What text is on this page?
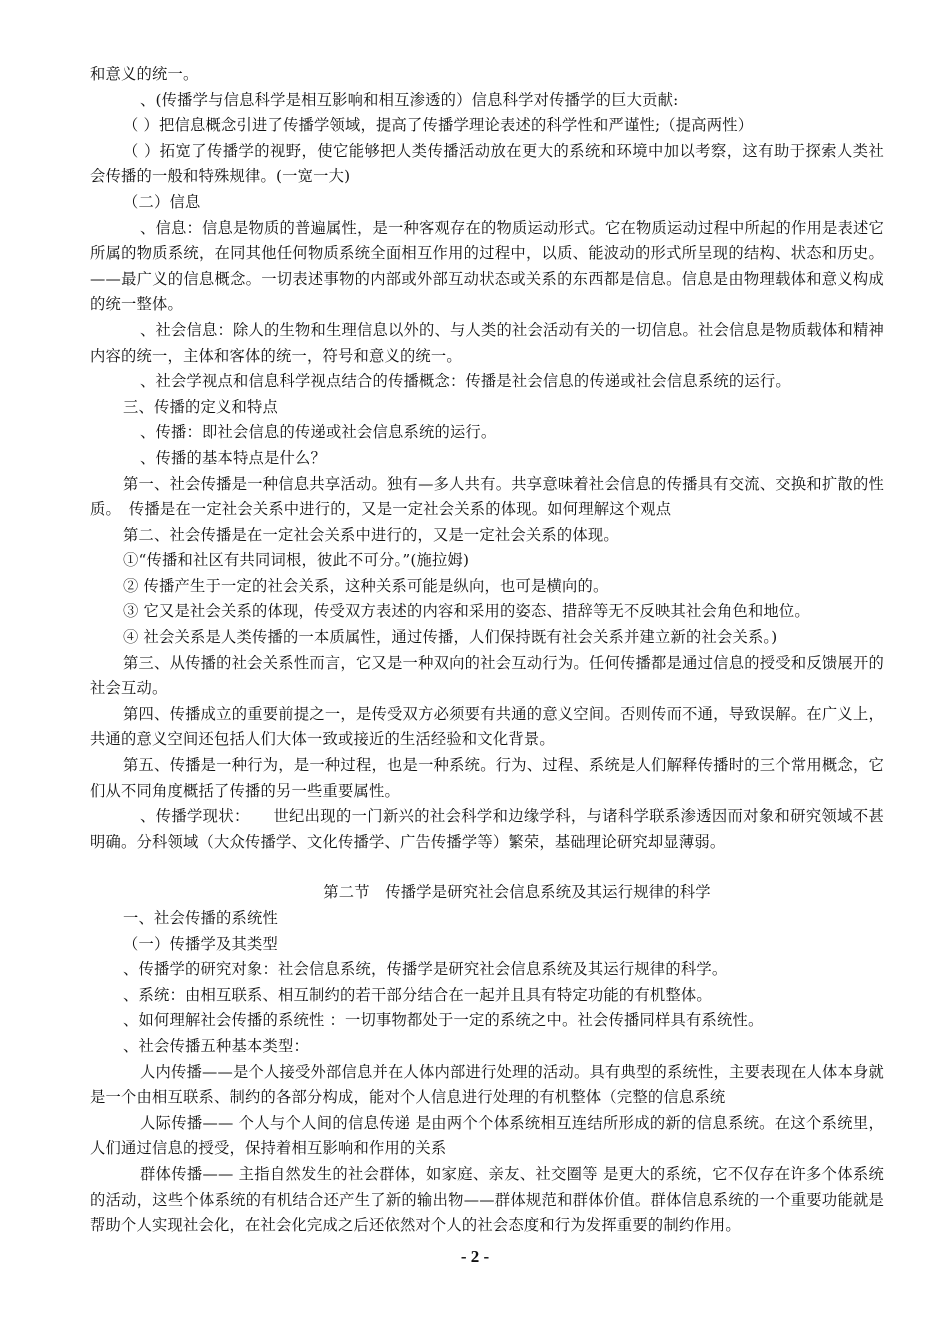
和意义的统一。

、(传播学与信息科学是相互影响和相互渗透的）信息科学对传播学的巨大贡献:

（ ）把信息概念引进了传播学领域，提高了传播学理论表述的科学性和严谨性;（提高两性）

（ ）拓宽了传播学的视野，使它能够把人类传播活动放在更大的系统和环境中加以考察，这有助于探索人类社会传播的一般和特殊规律。(一宽一大)

（二）信息

、信息：信息是物质的普遍属性，是一种客观存在的物质运动形式。它在物质运动过程中所起的作用是表述它所属的物质系统，在同其他任何物质系统全面相互作用的过程中，以质、能波动的形式所呈现的结构、状态和历史。——最广义的信息概念。一切表述事物的内部或外部互动状态或关系的东西都是信息。信息是由物理载体和意义构成的统一整体。

、社会信息：除人的生物和生理信息以外的、与人类的社会活动有关的一切信息。社会信息是物质载体和精神内容的统一，主体和客体的统一，符号和意义的统一。

、社会学视点和信息科学视点结合的传播概念：传播是社会信息的传递或社会信息系统的运行。

三、传播的定义和特点

、传播：即社会信息的传递或社会信息系统的运行。

、传播的基本特点是什么？

第一、社会传播是一种信息共享活动。独有—多人共有。共享意味着社会信息的传播具有交流、交换和扩散的性质。　传播是在一定社会关系中进行的，又是一定社会关系的体现。如何理解这个观点

第二、社会传播是在一定社会关系中进行的，又是一定社会关系的体现。

①“传播和社区有共同词根，彼此不可分。”(施拉姆)

② 传播产生于一定的社会关系，这种关系可能是纵向，也可是横向的。

③ 它又是社会关系的体现，传受双方表述的内容和采用的姿态、措辞等无不反映其社会角色和地位。

④ 社会关系是人类传播的一本质属性，通过传播，人们保持既有社会关系并建立新的社会关系。)

第三、从传播的社会关系性而言，它又是一种双向的社会互动行为。任何传播都是通过信息的授受和反馈展开的社会互动。

第四、传播成立的重要前提之一，是传受双方必须要有共通的意义空间。否则传而不通，导致误解。在广义上，共通的意义空间还包括人们大体一致或接近的生活经验和文化背景。

第五、传播是一种行为，是一种过程，也是一种系统。行为、过程、系统是人们解释传播时的三个常用概念，它们从不同角度概括了传播的另一些重要属性。

、传播学现状：　　世纪出现的一门新兴的社会科学和边缘学科，与诸科学联系渗透因而对象和研究领域不甚明确。分科领域（大众传播学、文化传播学、广告传播学等）繁荣，基础理论研究却显薄弱。

第二节　传播学是研究社会信息系统及其运行规律的科学

一、社会传播的系统性

（一）传播学及其类型

、传播学的研究对象：社会信息系统，传播学是研究社会信息系统及其运行规律的科学。

、系统：由相互联系、相互制约的若干部分结合在一起并且具有特定功能的有机整体。

、如何理解社会传播的系统性 ：一切事物都处于一定的系统之中。社会传播同样具有系统性。

、社会传播五种基本类型：

人内传播——是个人接受外部信息并在人体内部进行处理的活动。具有典型的系统性，主要表现在人体本身就是一个由相互联系、制约的各部分构成，能对个人信息进行处理的有机整体（完整的信息系统

人际传播—— 个人与个人间的信息传递 是由两个个体系统相互连结所形成的新的信息系统。在这个系统里，人们通过信息的授受，保持着相互影响和作用的关系

群体传播—— 主指自然发生的社会群体，如家庭、亲友、社交圈等 是更大的系统，它不仅存在许多个体系统的活动，这些个体系统的有机结合还产生了新的输出物——群体规范和群体价值。群体信息系统的一个重要功能就是帮助个人实现社会化，在社会化完成之后还依然对个人的社会态度和行为发挥重要的制约作用。

- 2 -
